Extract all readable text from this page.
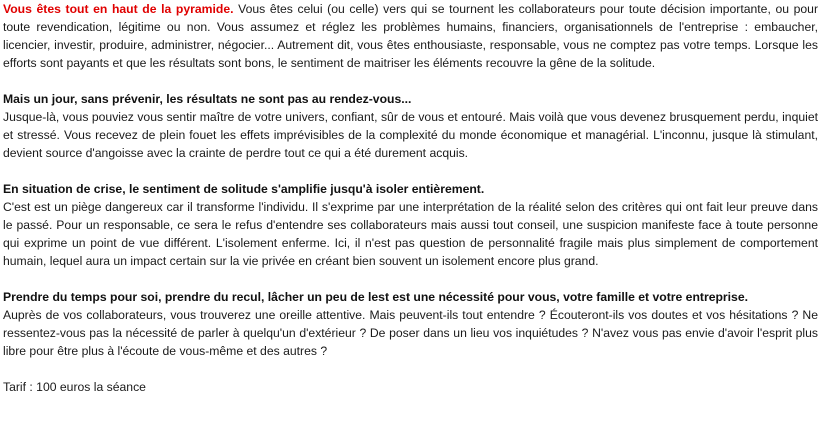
Vous êtes tout en haut de la pyramide. Vous êtes celui (ou celle) vers qui se tournent les collaborateurs pour toute décision importante, ou pour toute revendication, légitime ou non. Vous assumez et réglez les problèmes humains, financiers, organisationnels de l'entreprise : embaucher, licencier, investir, produire, administrer, négocier... Autrement dit, vous êtes enthousiaste, responsable, vous ne comptez pas votre temps. Lorsque les efforts sont payants et que les résultats sont bons, le sentiment de maitriser les éléments recouvre la gêne de la solitude.

Mais un jour, sans prévenir, les résultats ne sont pas au rendez-vous...

Jusque-là, vous pouviez vous sentir maître de votre univers, confiant, sûr de vous et entouré. Mais voilà que vous devenez brusquement perdu, inquiet et stressé. Vous recevez de plein fouet les effets imprévisibles de la complexité du monde économique et managérial. L'inconnu, jusque là stimulant, devient source d'angoisse avec la crainte de perdre tout ce qui a été durement acquis.

En situation de crise, le sentiment de solitude s'amplifie jusqu'à isoler entièrement.

C'est est un piège dangereux car il transforme l'individu. Il s'exprime par une interprétation de la réalité selon des critères qui ont fait leur preuve dans le passé. Pour un responsable, ce sera le refus d'entendre ses collaborateurs mais aussi tout conseil, une suspicion manifeste face à toute personne qui exprime un point de vue différent. L'isolement enferme. Ici, il n'est pas question de personnalité fragile mais plus simplement de comportement humain, lequel aura un impact certain sur la vie privée en créant bien souvent un isolement encore plus grand.

Prendre du temps pour soi, prendre du recul, lâcher un peu de lest est une nécessité pour vous, votre famille et votre entreprise.

Auprès de vos collaborateurs, vous trouverez une oreille attentive. Mais peuvent-ils tout entendre ? Écouteront-ils vos doutes et vos hésitations ? Ne ressentez-vous pas la nécessité de parler à quelqu'un d'extérieur ? De poser dans un lieu vos inquiétudes ? N'avez vous pas envie d'avoir l'esprit plus libre pour être plus à l'écoute de vous-même et des autres ?

Tarif : 100 euros la séance
